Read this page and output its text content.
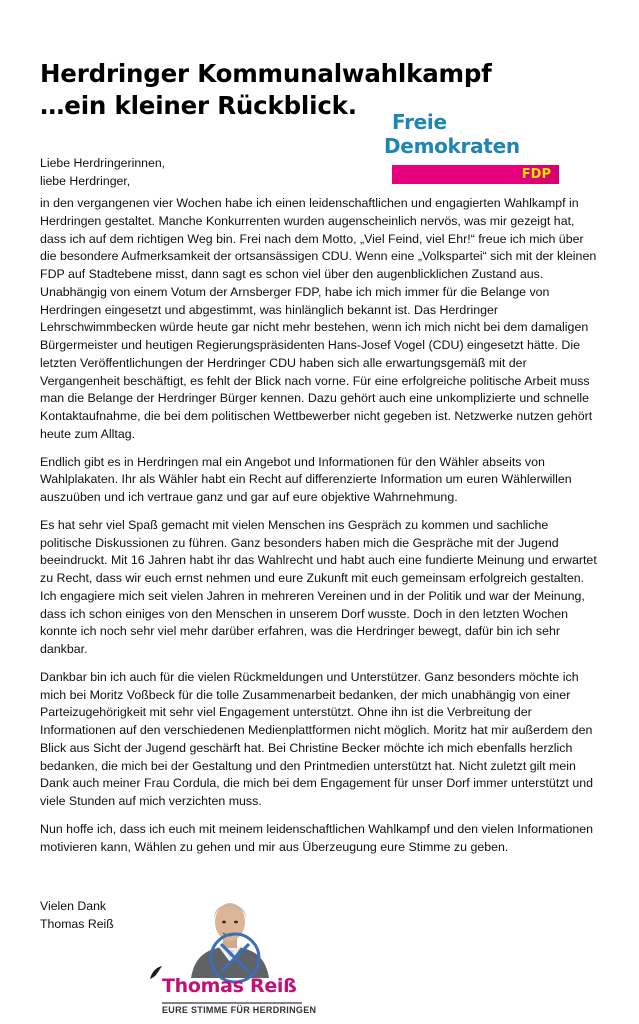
Herdringer Kommunalwahlkampf
…ein kleiner Rückblick.
Freie
Demokraten
FDP

Liebe Herdringerinnen,
liebe Herdringer,

in den vergangenen vier Wochen habe ich einen leidenschaftlichen und engagierten Wahlkampf in Herdringen gestaltet. Manche Konkurrenten wurden augenscheinlich nervös, was mir gezeigt hat, dass ich auf dem richtigen Weg bin. Frei nach dem Motto, „Viel Feind, viel Ehr!“ freue ich mich über die besondere Aufmerksamkeit der ortsansässigen CDU. Wenn eine „Volkspartei“ sich mit der kleinen FDP auf Stadtebene misst, dann sagt es schon viel über den augenblicklichen Zustand aus. Unabhängig von einem Votum der Arnsberger FDP, habe ich mich immer für die Belange von Herdringen eingesetzt und abgestimmt, was hinlänglich bekannt ist. Das Herdringer Lehrschwimmbecken würde heute gar nicht mehr bestehen, wenn ich mich nicht bei dem damaligen Bürgermeister und heutigen Regierungspräsidenten Hans-Josef Vogel (CDU) eingesetzt hätte. Die letzten Veröffentlichungen der Herdringer CDU haben sich alle erwartungsgemäß mit der Vergangenheit beschäftigt, es fehlt der Blick nach vorne. Für eine erfolgreiche politische Arbeit muss man die Belange der Herdringer Bürger kennen. Dazu gehört auch eine unkomplizierte und schnelle Kontaktaufnahme, die bei dem politischen Wettbewerber nicht gegeben ist. Netzwerke nutzen gehört heute zum Alltag.

Endlich gibt es in Herdringen mal ein Angebot und Informationen für den Wähler abseits von Wahlplakaten. Ihr als Wähler habt ein Recht auf differenzierte Information um euren Wählerwillen auszuüben und ich vertraue ganz und gar auf eure objektive Wahrnehmung.

Es hat sehr viel Spaß gemacht mit vielen Menschen ins Gespräch zu kommen und sachliche politische Diskussionen zu führen. Ganz besonders haben mich die Gespräche mit der Jugend beeindruckt. Mit 16 Jahren habt ihr das Wahlrecht und habt auch eine fundierte Meinung und erwartet zu Recht, dass wir euch ernst nehmen und eure Zukunft mit euch gemeinsam erfolgreich gestalten.

Ich engagiere mich seit vielen Jahren in mehreren Vereinen und in der Politik und war der Meinung, dass ich schon einiges von den Menschen in unserem Dorf wusste. Doch in den letzten Wochen konnte ich noch sehr viel mehr darüber erfahren, was die Herdringer bewegt, dafür bin ich sehr dankbar.

Dankbar bin ich auch für die vielen Rückmeldungen und Unterstützer. Ganz besonders möchte ich mich bei Moritz Voßbeck für die tolle Zusammenarbeit bedanken, der mich unabhängig von einer Parteizugehörigkeit mit sehr viel Engagement unterstützt. Ohne ihn ist die Verbreitung der Informationen auf den verschiedenen Medienplattformen nicht möglich. Moritz hat mir außerdem den Blick aus Sicht der Jugend geschärft hat. Bei Christine Becker möchte ich mich ebenfalls herzlich bedanken, die mich bei der Gestaltung und den Printmedien unterstützt hat. Nicht zuletzt gilt mein Dank auch meiner Frau Cordula, die mich bei dem Engagement für unser Dorf immer unterstützt und viele Stunden auf mich verzichten muss.

Nun hoffe ich, dass ich euch mit meinem leidenschaftlichen Wahlkampf und den vielen Informationen motivieren kann, Wählen zu gehen und mir aus Überzeugung eure Stimme zu geben.

Vielen Dank
Thomas Reiß
Thomas Reiß
EURE STIMME FÜR HERDRINGEN
